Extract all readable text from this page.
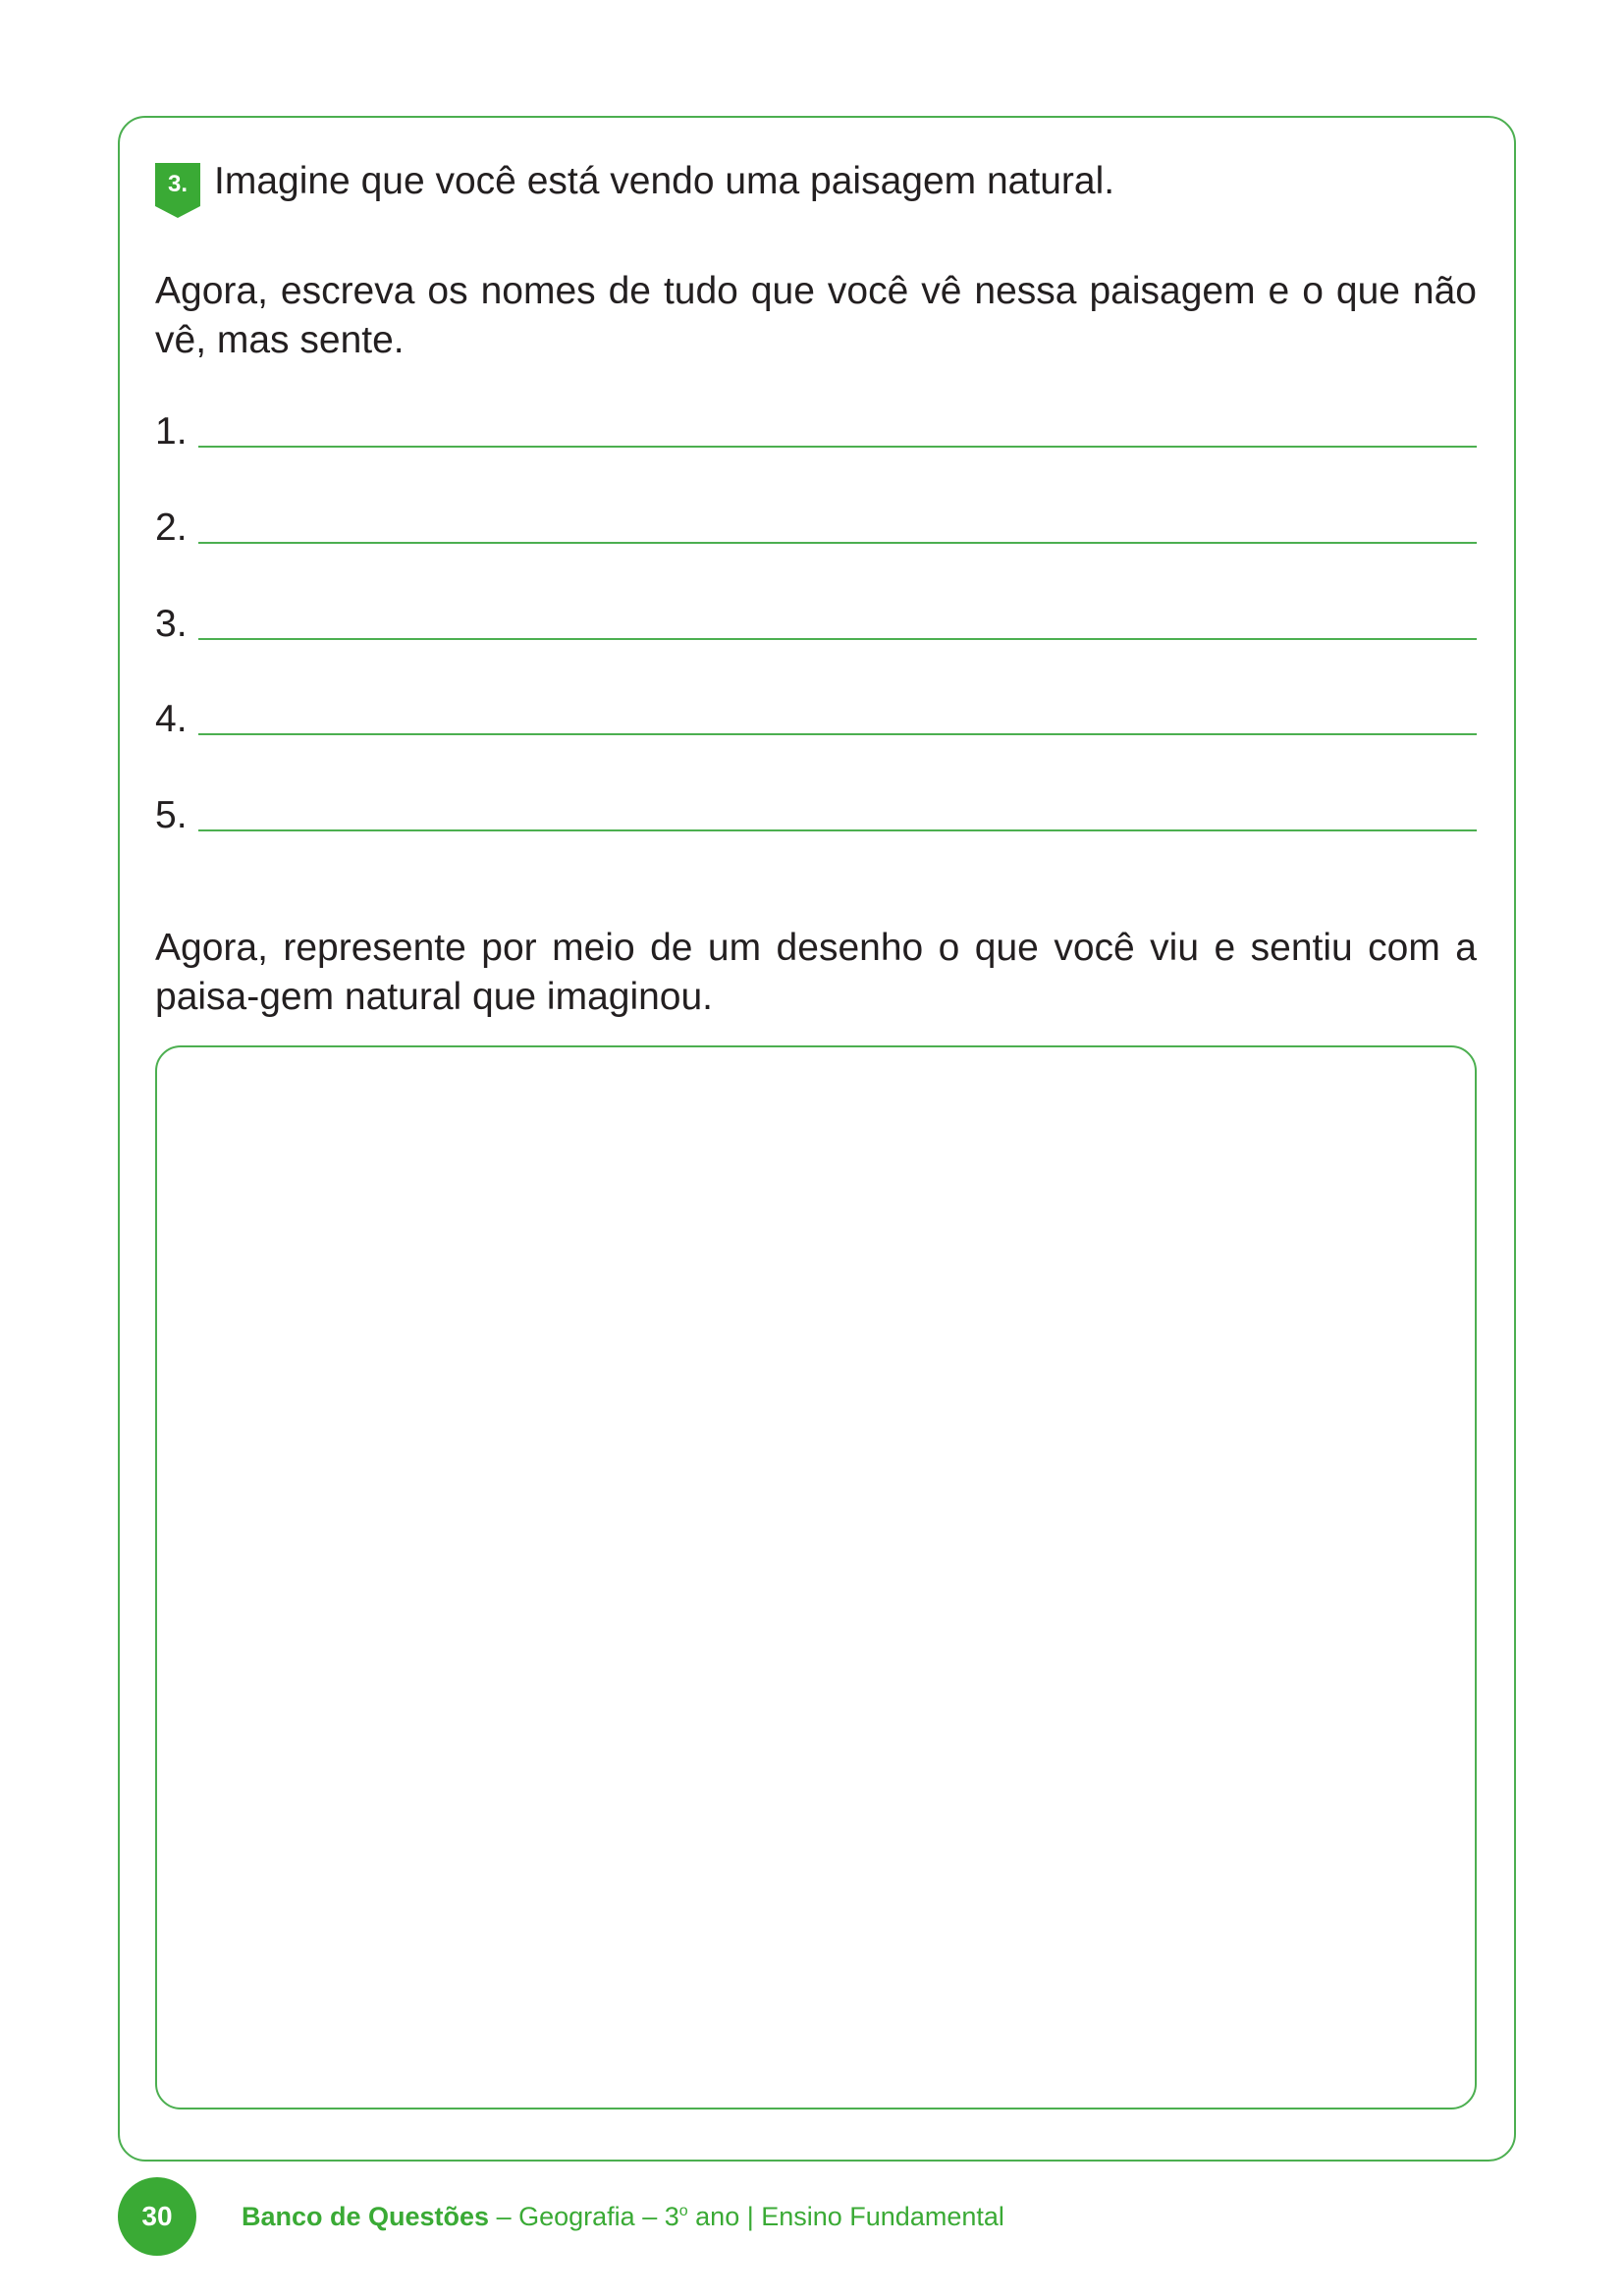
3. Imagine que você está vendo uma paisagem natural.
Agora, escreva os nomes de tudo que você vê nessa paisagem e o que não vê, mas sente.
1.
2.
3.
4.
5.
Agora, represente por meio de um desenho o que você viu e sentiu com a paisa-gem natural que imaginou.
30	Banco de Questões – Geografia – 3$^o$ ano | Ensino Fundamental
